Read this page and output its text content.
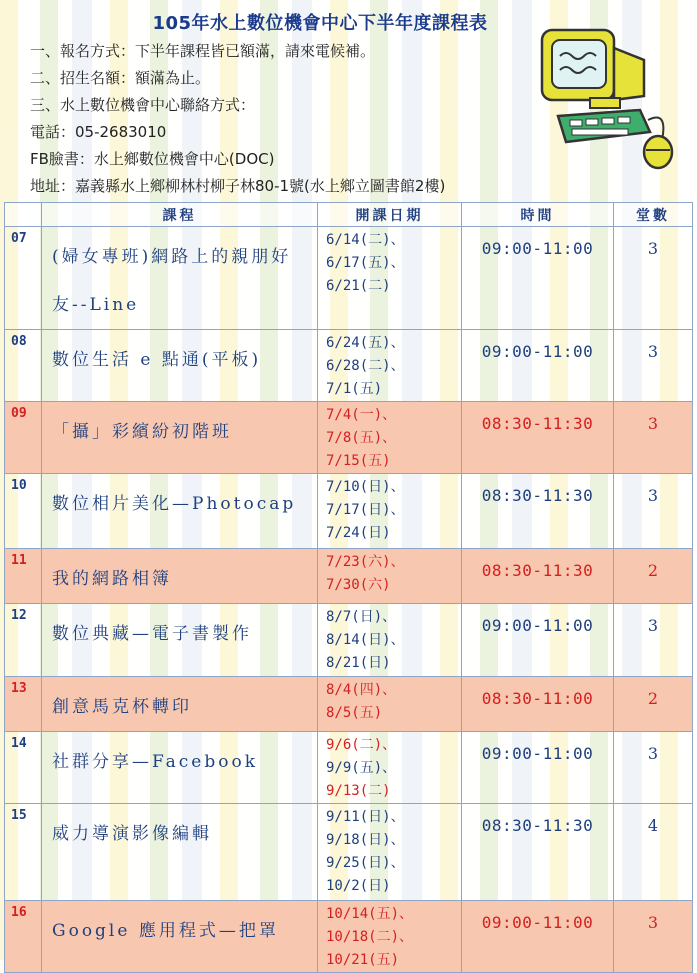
105年水上數位機會中心下半年度課程表
一、報名方式：下半年課程皆已額滿，請來電候補。
二、招生名額：額滿為止。
三、水上數位機會中心聯絡方式：
電話：05-2683010
FB臉書：水上鄉數位機會中心(DOC)
地址：嘉義縣水上鄉柳林村柳子林80-1號(水上鄉立圖書館2樓)
	課程	開課日期	時間	堂數
07	(婦女專班)網路上的親朋好友--Line	6/14(二)、
6/17(五)、
6/21(二)	09:00-11:00	3
08	數位生活 e 點通(平板)	6/24(五)、
6/28(二)、
7/1(五)	09:00-11:00	3
09	「攝」彩繽紛初階班	7/4(一)、
7/8(五)、
7/15(五)	08:30-11:30	3
10	數位相片美化—Photocap	7/10(日)、
7/17(日)、
7/24(日)	08:30-11:30	3
11	我的網路相簿	7/23(六)、
7/30(六)	08:30-11:30	2
12	數位典藏—電子書製作	8/7(日)、
8/14(日)、
8/21(日)	09:00-11:00	3
13	創意馬克杯轉印	8/4(四)、
8/5(五)	08:30-11:00	2
14	社群分享—Facebook	9/6(二)、
9/9(五)、
9/13(二)	09:00-11:00	3
15	威力導演影像編輯	9/11(日)、
9/18(日)、
9/25(日)、
10/2(日)	08:30-11:30	4
16	Google 應用程式—把罩	10/14(五)、
10/18(二)、
10/21(五)	09:00-11:00	3
